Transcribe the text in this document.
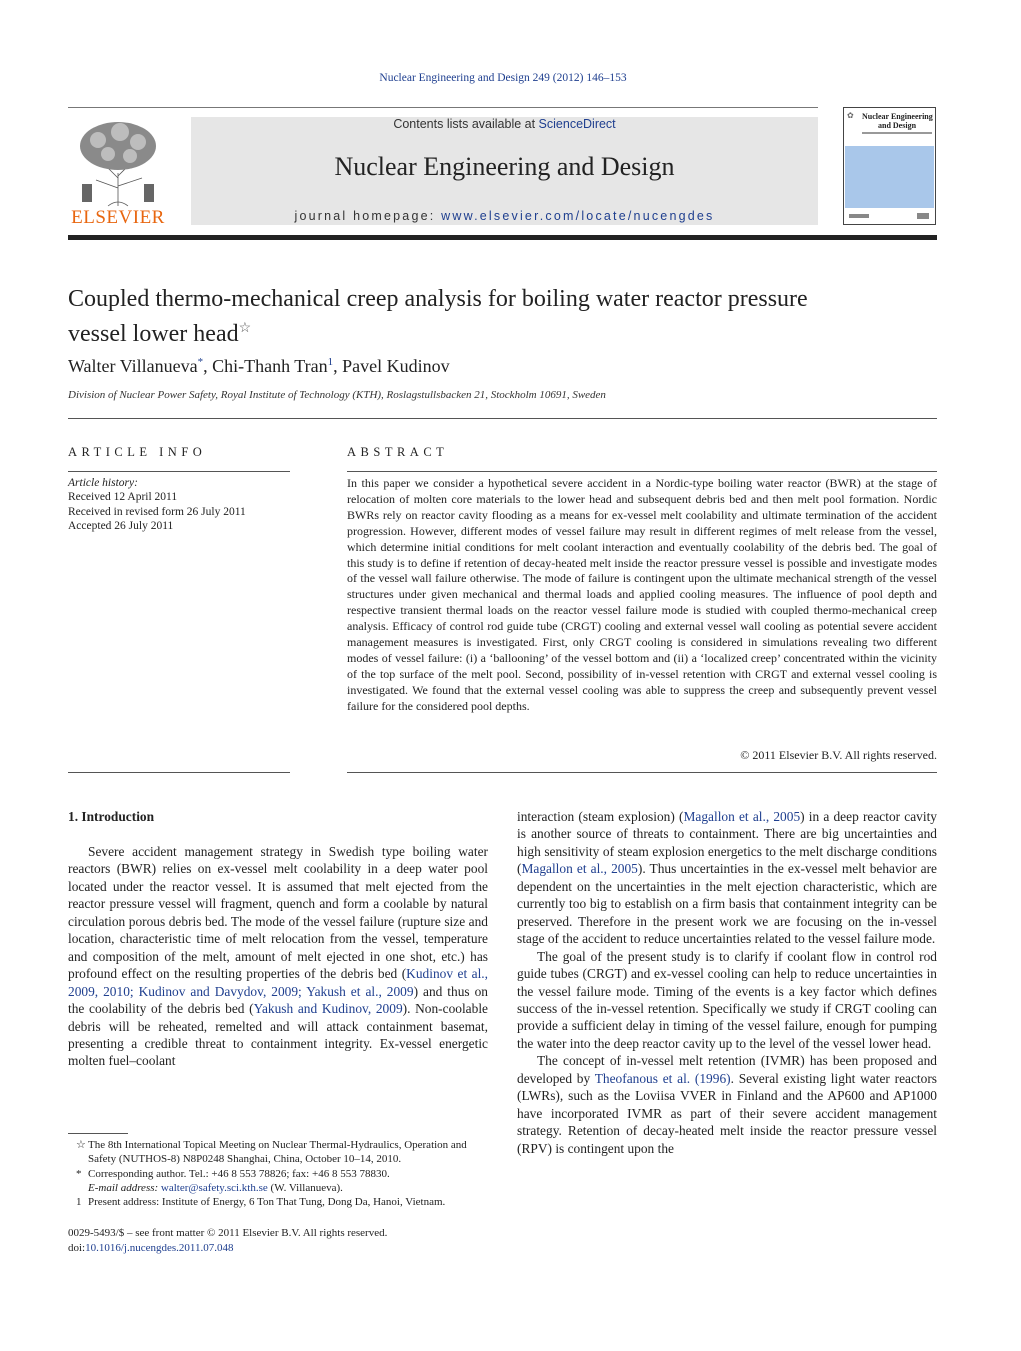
Nuclear Engineering and Design 249 (2012) 146–153
ELSEVIER
Contents lists available at ScienceDirect
Nuclear Engineering and Design
journal homepage: www.elsevier.com/locate/nucengdes
✿	Nuclear Engineering
and Design
Coupled thermo-mechanical creep analysis for boiling water reactor pressure
vessel lower head☆
Walter Villanueva*, Chi-Thanh Tran$^1$, Pavel Kudinov
Division of Nuclear Power Safety, Royal Institute of Technology (KTH), Roslagstullsbacken 21, Stockholm 10691, Sweden
ARTICLE INFO	ABSTRACT
Article history:
Received 12 April 2011
Received in revised form 26 July 2011
Accepted 26 July 2011
In this paper we consider a hypothetical severe accident in a Nordic-type boiling water reactor (BWR) at the stage of relocation of molten core materials to the lower head and subsequent debris bed and then melt pool formation. Nordic BWRs rely on reactor cavity flooding as a means for ex-vessel melt coolability and ultimate termination of the accident progression. However, different modes of vessel failure may result in different regimes of melt release from the vessel, which determine initial conditions for melt coolant interaction and eventually coolability of the debris bed. The goal of this study is to define if retention of decay-heated melt inside the reactor pressure vessel is possible and investigate modes of the vessel wall failure otherwise. The mode of failure is contingent upon the ultimate mechanical strength of the vessel structures under given mechanical and thermal loads and applied cooling measures. The influence of pool depth and respective transient thermal loads on the reactor vessel failure mode is studied with coupled thermo-mechanical creep analysis. Efficacy of control rod guide tube (CRGT) cooling and external vessel wall cooling as potential severe accident management measures is investigated. First, only CRGT cooling is considered in simulations revealing two different modes of vessel failure: (i) a ‘ballooning’ of the vessel bottom and (ii) a ‘localized creep’ concentrated within the vicinity of the top surface of the melt pool. Second, possibility of in-vessel retention with CRGT and external vessel cooling is investigated. We found that the external vessel cooling was able to suppress the creep and subsequently prevent vessel failure for the considered pool depths.
© 2011 Elsevier B.V. All rights reserved.
1. Introduction

Severe accident management strategy in Swedish type boiling water reactors (BWR) relies on ex-vessel melt coolability in a deep water pool located under the reactor vessel. It is assumed that melt ejected from the reactor pressure vessel will fragment, quench and form a coolable by natural circulation porous debris bed. The mode of the vessel failure (rupture size and location, characteristic time of melt relocation from the vessel, temperature and composition of the melt, amount of melt ejected in one shot, etc.) has profound effect on the resulting properties of the debris bed (Kudinov et al., 2009, 2010; Kudinov and Davydov, 2009; Yakush et al., 2009) and thus on the coolability of the debris bed (Yakush and Kudinov, 2009). Non-coolable debris will be reheated, remelted and will attack containment basemat, presenting a credible threat to containment integrity. Ex-vessel energetic molten fuel–coolant

interaction (steam explosion) (Magallon et al., 2005) in a deep reactor cavity is another source of threats to containment. There are big uncertainties and high sensitivity of steam explosion energetics to the melt discharge conditions (Magallon et al., 2005). Thus uncertainties in the ex-vessel melt behavior are dependent on the uncertainties in the melt ejection characteristic, which are currently too big to establish on a firm basis that containment integrity can be preserved. Therefore in the present work we are focusing on the in-vessel stage of the accident to reduce uncertainties related to the vessel failure mode.

The goal of the present study is to clarify if coolant flow in control rod guide tubes (CRGT) and ex-vessel cooling can help to reduce uncertainties in the vessel failure mode. Timing of the events is a key factor which defines success of the in-vessel retention. Specifically we study if CRGT cooling can provide a sufficient delay in timing of the vessel failure, enough for pumping the water into the deep reactor cavity up to the level of the vessel lower head.

The concept of in-vessel melt retention (IVMR) has been proposed and developed by Theofanous et al. (1996). Several existing light water reactors (LWRs), such as the Loviisa VVER in Finland and the AP600 and AP1000 have incorporated IVMR as part of their severe accident management strategy. Retention of decay-heated melt inside the reactor pressure vessel (RPV) is contingent upon the

☆ The 8th International Topical Meeting on Nuclear Thermal-Hydraulics, Operation and Safety (NUTHOS-8) N8P0248 Shanghai, China, October 10–14, 2010.
* Corresponding author. Tel.: +46 8 553 78826; fax: +46 8 553 78830.
E-mail address: walter@safety.sci.kth.se (W. Villanueva).
1 Present address: Institute of Energy, 6 Ton That Tung, Dong Da, Hanoi, Vietnam.
0029-5493/$ – see front matter © 2011 Elsevier B.V. All rights reserved.
doi:10.1016/j.nucengdes.2011.07.048
